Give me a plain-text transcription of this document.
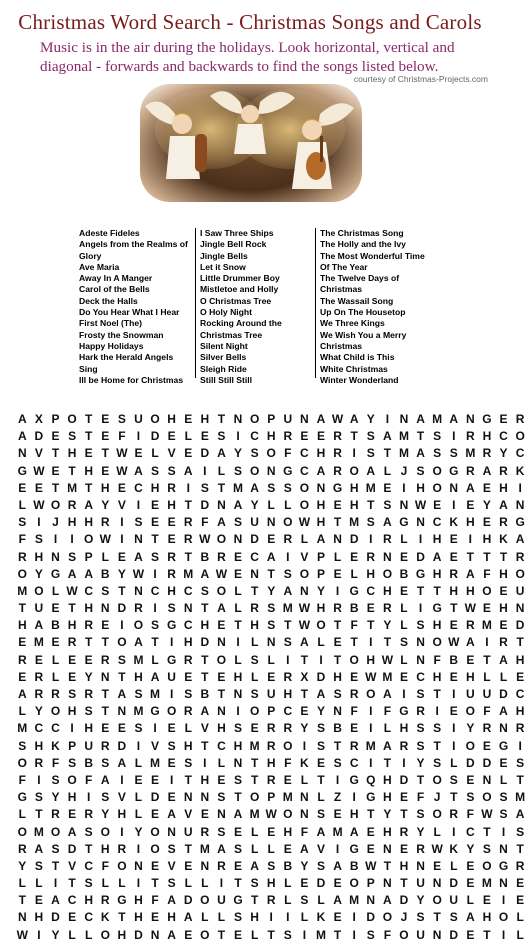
Christmas Word Search - Christmas Songs and Carols
Music is in the air during the holidays. Look horizontal, vertical and diagonal - forwards and backwards to find the songs listed below.
courtesy of Christmas-Projects.com
Adeste Fideles
Angels from the Realms of
Glory
Ave Maria
Away In A Manger
Carol of the Bells
Deck the Halls
Do You Hear What I Hear
First Noel (The)
Frosty the Snowman
Happy Holidays
Hark the Herald Angels
Sing
Ill be Home for Christmas
I Saw Three Ships
Jingle Bell Rock
Jingle Bells
Let it Snow
Little Drummer Boy
Mistletoe and Holly
O Christmas Tree
O Holy Night
Rocking Around the
Christmas Tree
Silent Night
Silver Bells
Sleigh Ride
Still Still Still
The Christmas Song
The Holly and the Ivy
The Most Wonderful Time
Of The Year
The Twelve Days of
Christmas
The Wassail Song
Up On The Housetop
We Three Kings
We Wish You a Merry
Christmas
What Child is This
White Christmas
Winter Wonderland
A X P O T E S U O H E H T N O P U N A W A Y I N A M A N G E R
A D E S T E F I D E L E S I C H R E E R T S A M T S I R H C O
N V T H E T W E L V E D A Y S O F C H R I S T M A S S M R Y C
G W E T H E W A S S A I L S O N G C A R O A L J S O G R A R K
E E T M T H E C H R I S T M A S S O N G H M E I H O N A E H I
L W O R A Y V I E H T D N A Y L L O H E H T S N W E I E Y A N
S I J H H R I S E E R F A S U N O W H T M S A G N C K H E R G
F S I I O W I N T E R W O N D E R L A N D I R L I H E I H K A
R H N S P L E A S R T B R E C A I V P L E R N E D A E T T T R
O Y G A A B Y W I R M A W E N T S O P E L H O B G H R A F H O
M O L W C S T N C H C S O L T Y A N Y I G C H E T T H H O E U
T U E T H N D R I S N T A L R S M W H R B E R L I G T W E H N
H A B H R E I O S G C H E T H S T W O T F T Y L S H E R M E D
E M E R T T O A T I H D N I L N S A L E T I T S N O W A I R T
R E L E E R S M L G R T O L S L I T I T O H W L N F B E T A H
E R L E Y N T H A U E T E H L E R X D H E W M E C H E H L L E
A R R S R T A S M I S B T N S U H T A S R O A I S T I U U D C
L Y O H S T N M G O R A N I O P C E Y N F I F G R I E O F A H
M C C I H E E S I E L V H S E R R Y S B E I L H S S I Y R N R
S H K P U R D I V S H T C H M R O I S T R M A R S T I O E G I
O R F S B S A L M E S I L N T H F K E S C I T I Y S L D D E S
F I S O F A I E E I T H E S T R E L T I G Q H D T O S E N L T
G S Y H I S V L D E N N S T O P M N L Z I G H E F J T S O S M
L T R E R Y H L E A V E N A M W O N S E H T Y T S O R F W S A
O M O A S O I Y O N U R S E L E H F A M A E H R Y L I C T I S
R A S D T H R I O S T M A S L L E A V I G E N E R W K Y S N T
Y S T V C F O N E V E N R E A S B Y S A B W T H N E L E O G R
L L I T S L L I T S L L I T S H L E D E O P N T U N D E M N E
T E A C H R G H F A D O U G T R L S L A M N A D Y O U L E I E
N H D E C K T H E H A L L S H I I L K E I D O J S T S A H O L
W I Y L L O H D N A E O T E L T S I M T I S F O U N D E T I L
